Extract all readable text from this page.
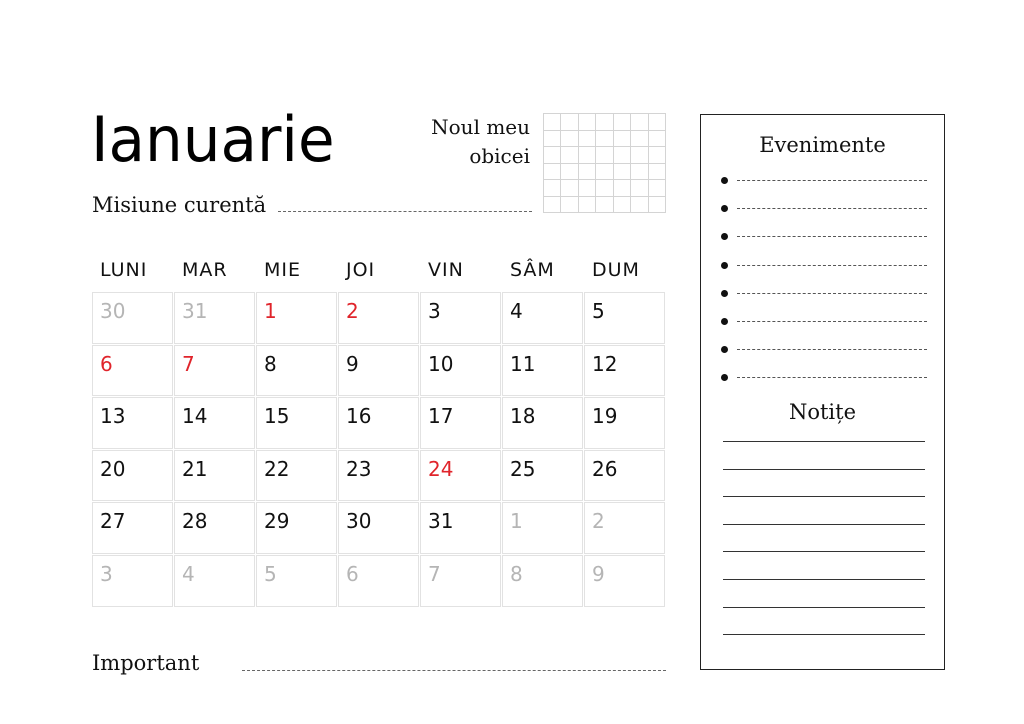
Ianuarie	Noul meu
obicei
Misiune curentă
LUNI	MAR	MIE	JOI	VIN	SÂM	DUM
30	31	1	2	3	4	5
6	7	8	9	10	11	12
13	14	15	16	17	18	19
20	21	22	23	24	25	26
27	28	29	30	31	1	2
3	4	5	6	7	8	9
Important
Evenimente
Notițe
